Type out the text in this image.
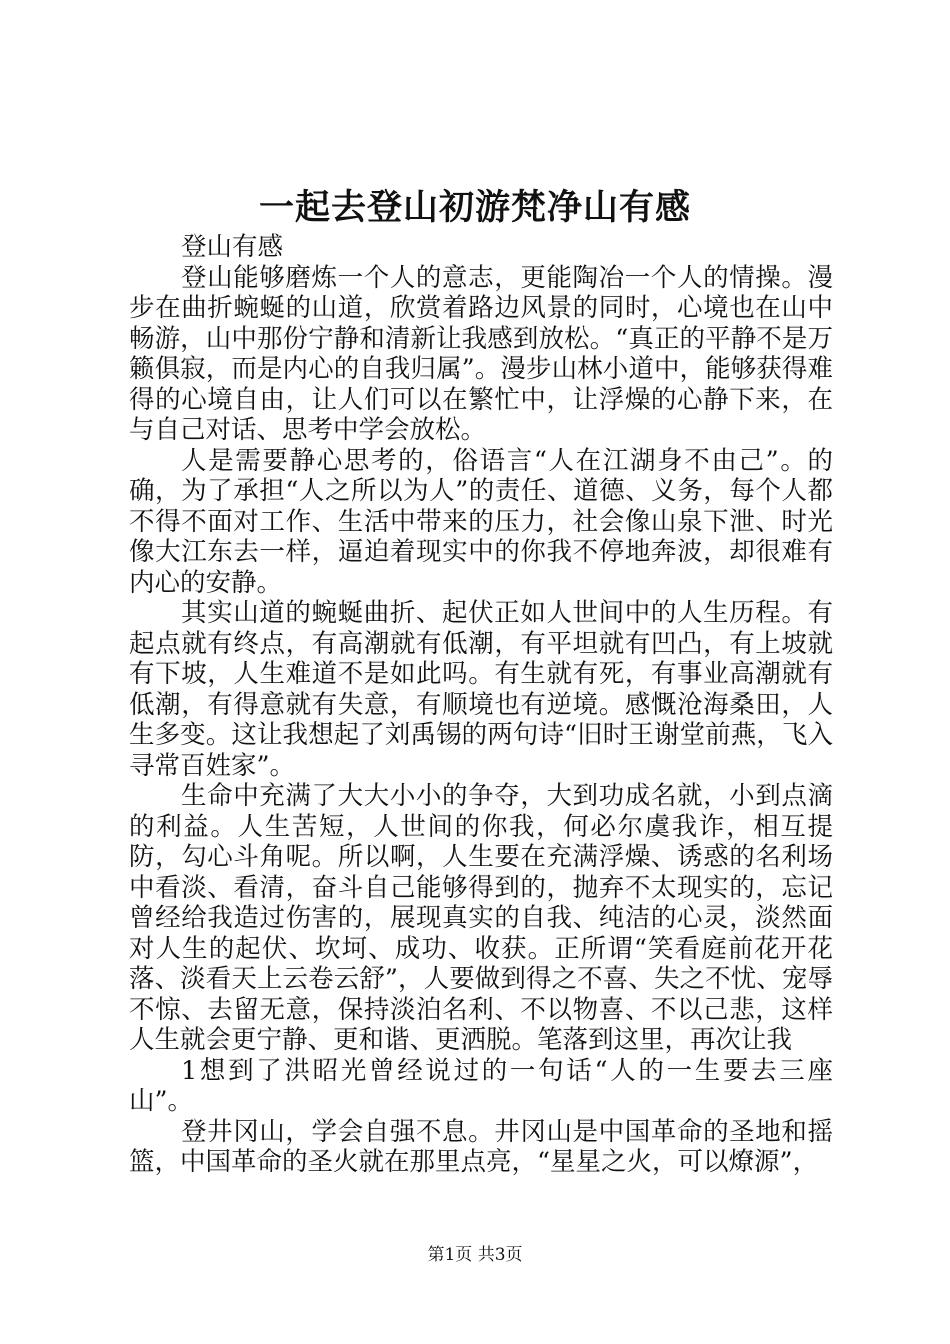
一起去登山初游梵净山有感

登山有感

登山能够磨炼一个人的意志，更能陶冶一个人的情操。漫步在曲折蜿蜒的山道，欣赏着路边风景的同时，心境也在山中畅游，山中那份宁静和清新让我感到放松。“真正的平静不是万籁俱寂，而是内心的自我归属”。漫步山林小道中，能够获得难得的心境自由，让人们可以在繁忙中，让浮燥的心静下来，在与自己对话、思考中学会放松。

人是需要静心思考的，俗语言“人在江湖身不由己”。的确，为了承担“人之所以为人”的责任、道德、义务，每个人都不得不面对工作、生活中带来的压力，社会像山泉下泄、时光像大江东去一样，逼迫着现实中的你我不停地奔波，却很难有内心的安静。

其实山道的蜿蜒曲折、起伏正如人世间中的人生历程。有起点就有终点，有高潮就有低潮，有平坦就有凹凸，有上坡就有下坡，人生难道不是如此吗。有生就有死，有事业高潮就有低潮，有得意就有失意，有顺境也有逆境。感慨沧海桑田，人生多变。这让我想起了刘禹锡的两句诗“旧时王谢堂前燕，飞入寻常百姓家”。

生命中充满了大大小小的争夺，大到功成名就，小到点滴的利益。人生苦短，人世间的你我，何必尔虞我诈，相互提防，勾心斗角呢。所以啊，人生要在充满浮燥、诱惑的名利场中看淡、看清，奋斗自己能够得到的，抛弃不太现实的，忘记曾经给我造过伤害的，展现真实的自我、纯洁的心灵，淡然面对人生的起伏、坎坷、成功、收获。正所谓“笑看庭前花开花落、淡看天上云卷云舒”，人要做到得之不喜、失之不忧、宠辱不惊、去留无意，保持淡泊名利、不以物喜、不以己悲，这样人生就会更宁静、更和谐、更洒脱。笔落到这里，再次让我

1想到了洪昭光曾经说过的一句话“人的一生要去三座山”。

登井冈山，学会自强不息。井冈山是中国革命的圣地和摇篮，中国革命的圣火就在那里点亮，“星星之火，可以燎源”，

第1页 共3页
